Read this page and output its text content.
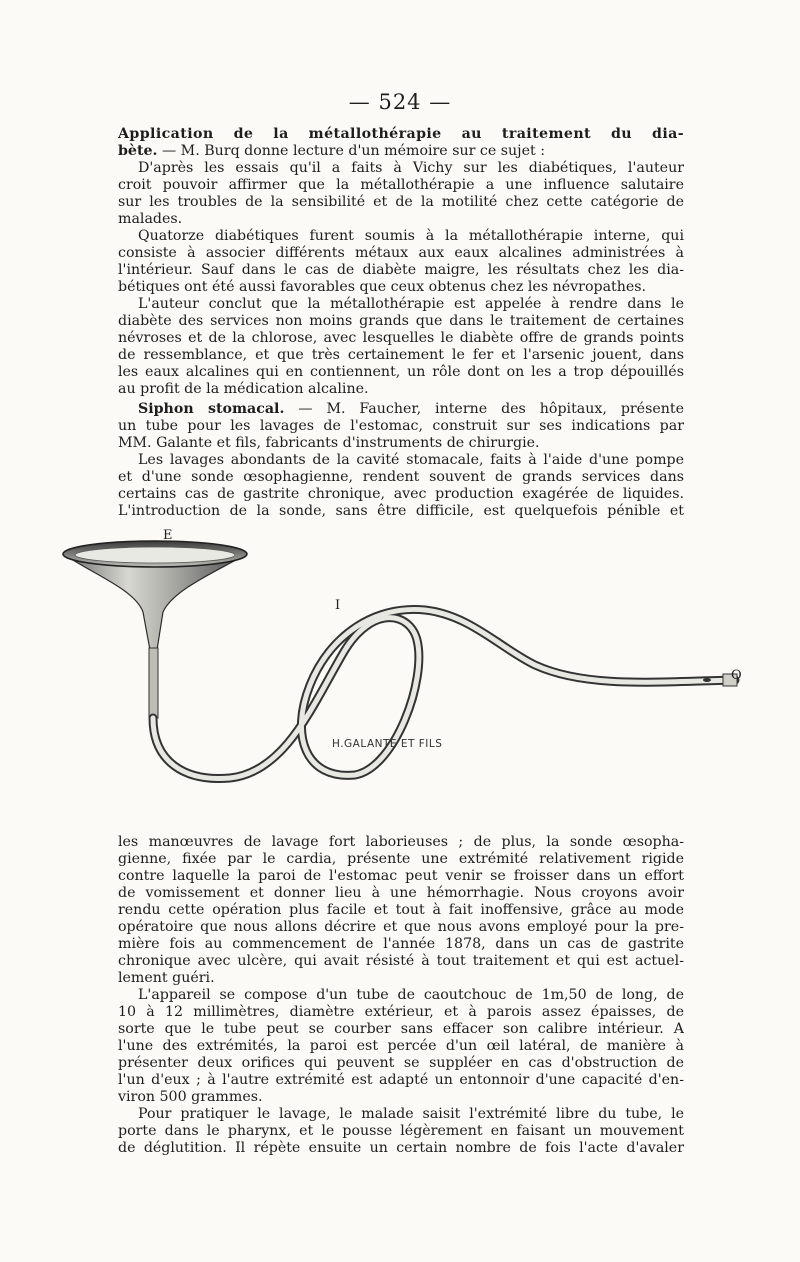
— 524 —
Application de la métallothérapie au traitement du dia-
bète. — M. Burq donne lecture d'un mémoire sur ce sujet :
D'après les essais qu'il a faits à Vichy sur les diabétiques, l'auteur
croit pouvoir affirmer que la métallothérapie a une influence salutaire
sur les troubles de la sensibilité et de la motilité chez cette catégorie de
malades.
Quatorze diabétiques furent soumis à la métallothérapie interne, qui
consiste à associer différents métaux aux eaux alcalines administrées à
l'intérieur. Sauf dans le cas de diabète maigre, les résultats chez les dia-
bétiques ont été aussi favorables que ceux obtenus chez les névropathes.
L'auteur conclut que la métallothérapie est appelée à rendre dans le
diabète des services non moins grands que dans le traitement de certaines
névroses et de la chlorose, avec lesquelles le diabète offre de grands points
de ressemblance, et que très certainement le fer et l'arsenic jouent, dans
les eaux alcalines qui en contiennent, un rôle dont on les a trop dépouillés
au profit de la médication alcaline.
Siphon stomacal. — M. Faucher, interne des hôpitaux, présente
un tube pour les lavages de l'estomac, construit sur ses indications par
MM. Galante et fils, fabricants d'instruments de chirurgie.
Les lavages abondants de la cavité stomacale, faits à l'aide d'une pompe
et d'une sonde œsophagienne, rendent souvent de grands services dans
certains cas de gastrite chronique, avec production exagérée de liquides.
L'introduction de la sonde, sans être difficile, est quelquefois pénible et
E
I
O
H.GALANTE ET FILS
les manœuvres de lavage fort laborieuses ; de plus, la sonde œsopha-
gienne, fixée par le cardia, présente une extrémité relativement rigide
contre laquelle la paroi de l'estomac peut venir se froisser dans un effort
de vomissement et donner lieu à une hémorrhagie. Nous croyons avoir
rendu cette opération plus facile et tout à fait inoffensive, grâce au mode
opératoire que nous allons décrire et que nous avons employé pour la pre-
mière fois au commencement de l'année 1878, dans un cas de gastrite
chronique avec ulcère, qui avait résisté à tout traitement et qui est actuel-
lement guéri.
L'appareil se compose d'un tube de caoutchouc de 1m,50 de long, de
10 à 12 millimètres, diamètre extérieur, et à parois assez épaisses, de
sorte que le tube peut se courber sans effacer son calibre intérieur. A
l'une des extrémités, la paroi est percée d'un œil latéral, de manière à
présenter deux orifices qui peuvent se suppléer en cas d'obstruction de
l'un d'eux ; à l'autre extrémité est adapté un entonnoir d'une capacité d'en-
viron 500 grammes.
Pour pratiquer le lavage, le malade saisit l'extrémité libre du tube, le
porte dans le pharynx, et le pousse légèrement en faisant un mouvement
de déglutition. Il répète ensuite un certain nombre de fois l'acte d'avaler
